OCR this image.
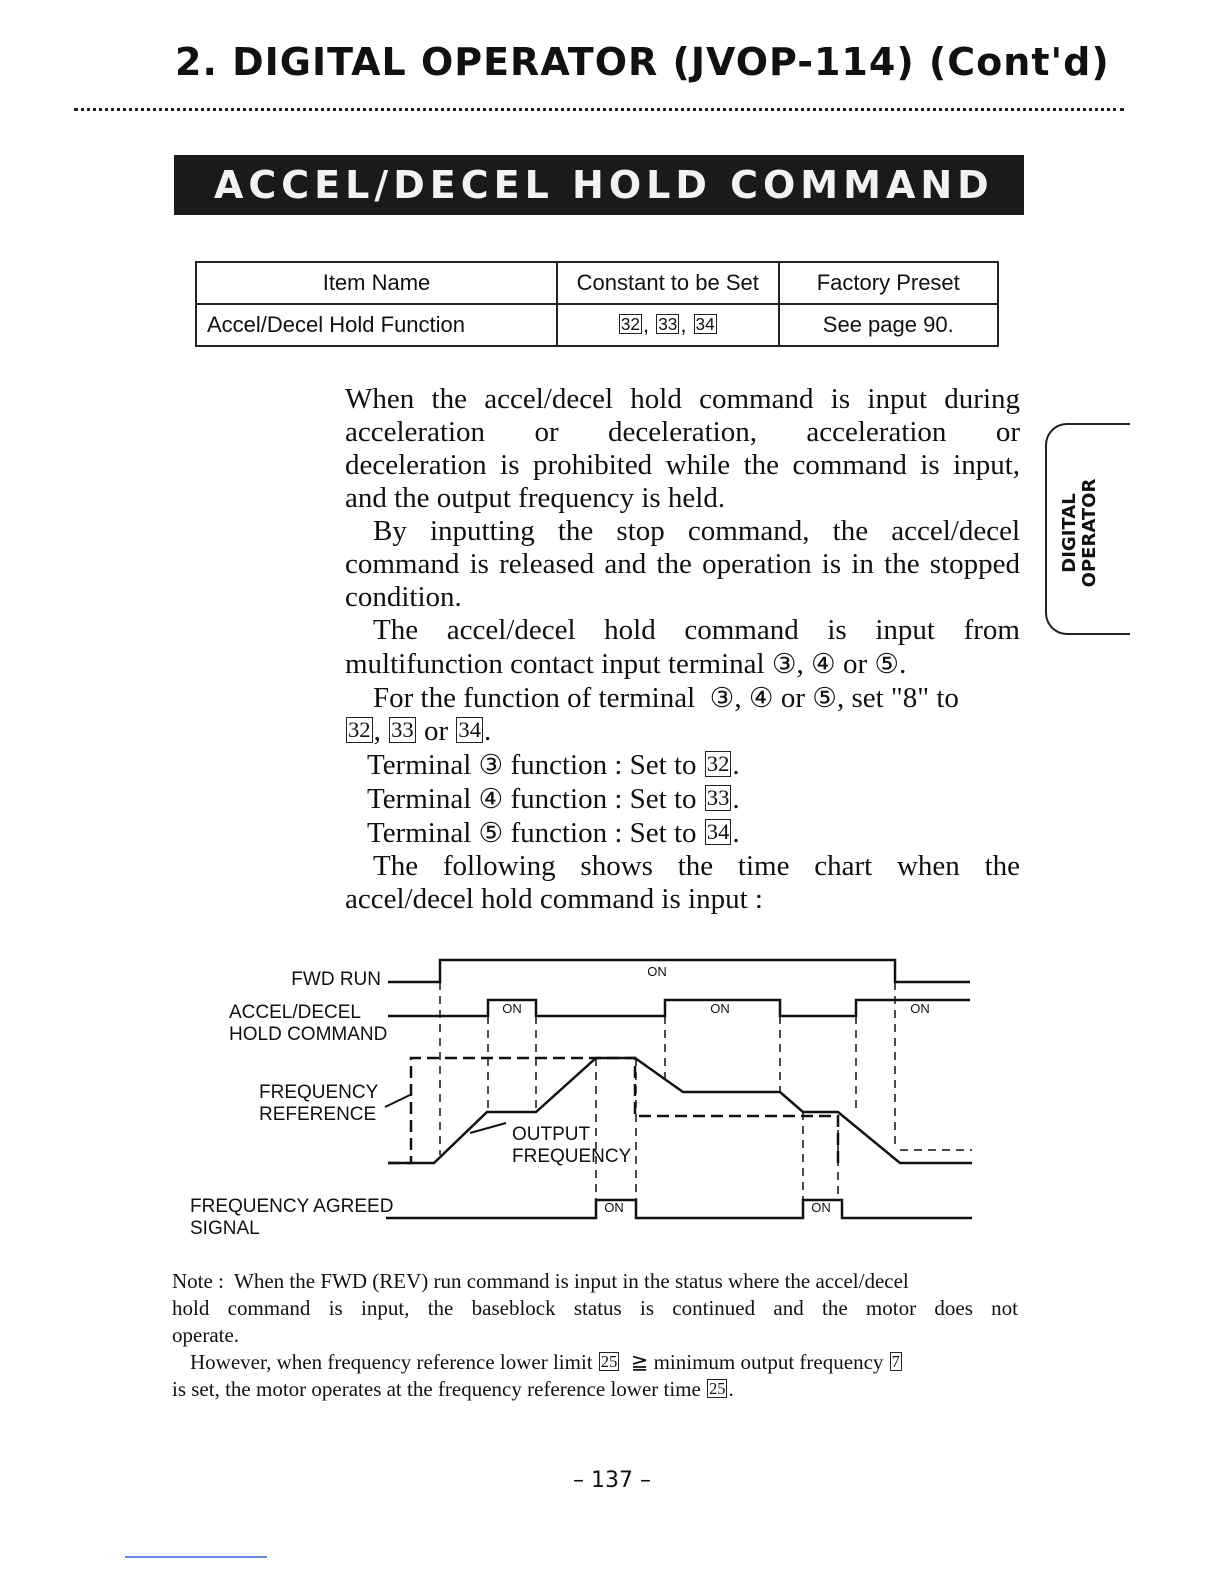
2. DIGITAL OPERATOR (JVOP-114) (Cont'd)
ACCEL/DECEL HOLD COMMAND
Item Name	Constant to be Set	Factory Preset
Accel/Decel Hold Function	32 , 33 , 34	See page 90.

When the accel/decel hold command is input during

acceleration or deceleration, acceleration or

deceleration is prohibited while the command is input,

and the output frequency is held.

By inputting the stop command, the accel/decel

command is released and the operation is in the stopped

condition.

The accel/decel hold command is input from

multifunction contact input terminal ③, ④ or ⑤.

For the function of terminal ③, ④ or ⑤, set "8" to

32 , 33 or 34 .

Terminal ③ function : Set to 32 .

Terminal ④ function : Set to 33 .

Terminal ⑤ function : Set to 34 .

The following shows the time chart when the

accel/decel hold command is input :

DIGITAL OPERATOR
FWD RUN
ACCEL/DECEL
HOLD COMMAND
FREQUENCY
REFERENCE
FREQUENCY AGREED
SIGNAL
OUTPUT
FREQUENCY
ON
ON	ON	ON
ON	ON

Note : When the FWD (REV) run command is input in the status where the accel/decel

hold command is input, the baseblock status is continued and the motor does not

operate.

However, when frequency reference lower limit 25 ≧ minimum output frequency 7

is set, the motor operates at the frequency reference lower time 25 .

– 137 –
